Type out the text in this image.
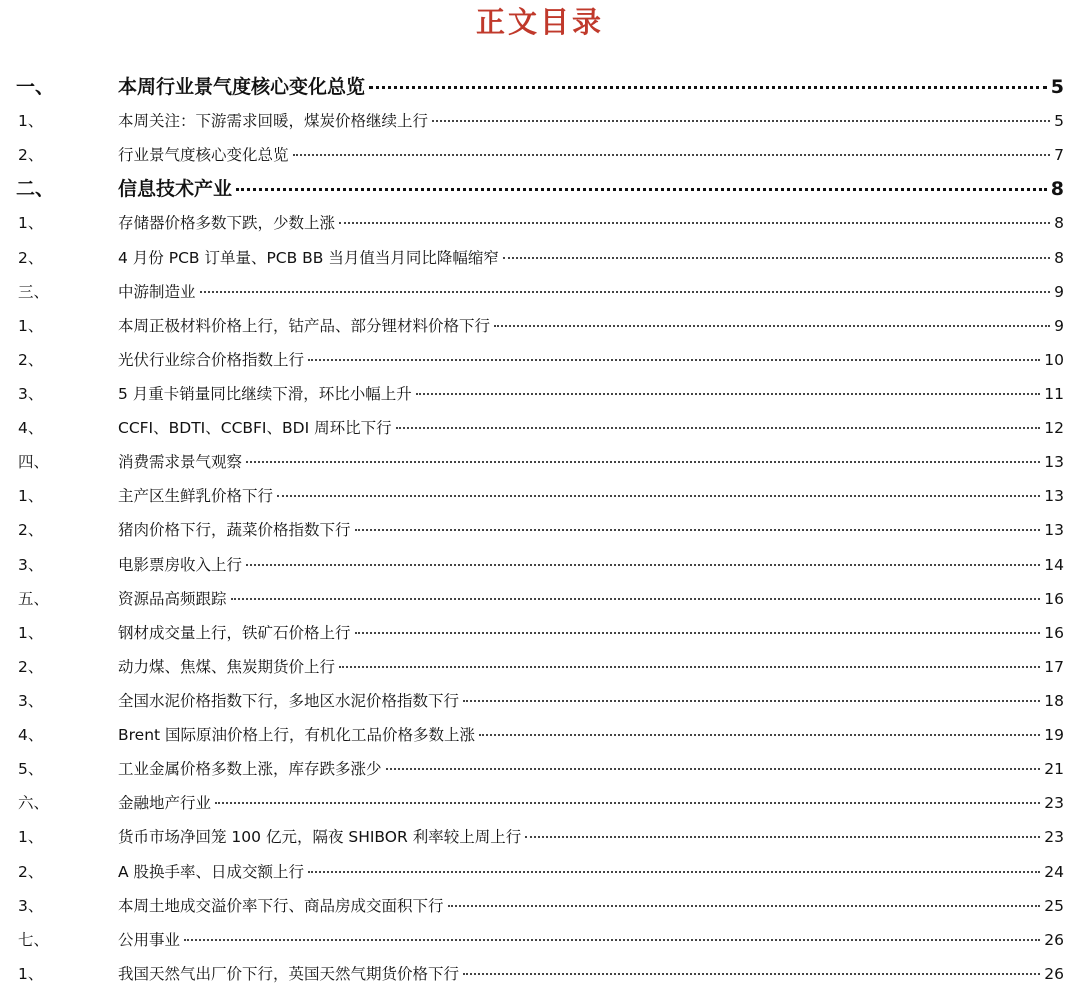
正文目录
一、	本周行业景气度核心变化总览	5
1、	本周关注：下游需求回暖，煤炭价格继续上行	5
2、	行业景气度核心变化总览	7
二、	信息技术产业	8
1、	存储器价格多数下跌，少数上涨	8
2、	4 月份 PCB 订单量、PCB BB 当月值当月同比降幅缩窄	8
三、	中游制造业	9
1、	本周正极材料价格上行，钴产品、部分锂材料价格下行	9
2、	光伏行业综合价格指数上行	10
3、	5 月重卡销量同比继续下滑，环比小幅上升	11
4、	CCFI、BDTI、CCBFI、BDI 周环比下行	12
四、	消费需求景气观察	13
1、	主产区生鲜乳价格下行	13
2、	猪肉价格下行，蔬菜价格指数下行	13
3、	电影票房收入上行	14
五、	资源品高频跟踪	16
1、	钢材成交量上行，铁矿石价格上行	16
2、	动力煤、焦煤、焦炭期货价上行	17
3、	全国水泥价格指数下行，多地区水泥价格指数下行	18
4、	Brent 国际原油价格上行，有机化工品价格多数上涨	19
5、	工业金属价格多数上涨，库存跌多涨少	21
六、	金融地产行业	23
1、	货币市场净回笼 100 亿元，隔夜 SHIBOR 利率较上周上行	23
2、	A 股换手率、日成交额上行	24
3、	本周土地成交溢价率下行、商品房成交面积下行	25
七、	公用事业	26
1、	我国天然气出厂价下行，英国天然气期货价格下行	26
